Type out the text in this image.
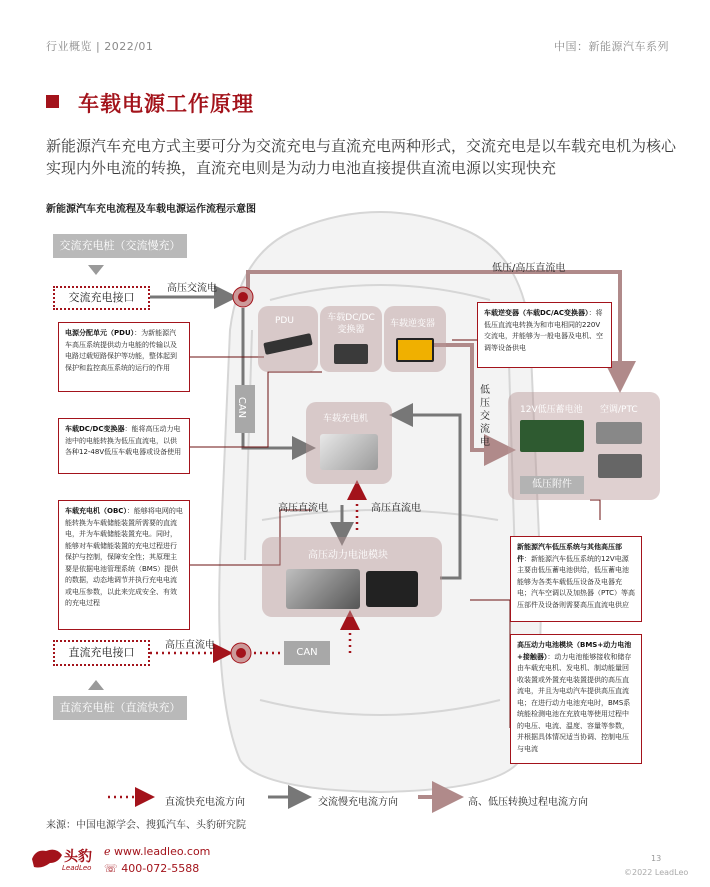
行业概览 | 2022/01	中国：新能源汽车系列
车载电源工作原理
新能源汽车充电方式主要可分为交流充电与直流充电两种形式，交流充电是以车载充电机为核心实现内外电流的转换，直流充电则是为动力电池直接提供直流电源以实现快充
新能源汽车充电流程及车载电源运作流程示意图
交流充电桩（交流慢充）
交流充电接口
高压交流电
直流充电桩（直流快充）
直流充电接口
高压直流电
低压/高压直流电
低
压
交
流
电
CAN
CAN
PDU	车载DC/DC
变换器
车载逆变器
车载充电机
高压直流电	高压直流电
高压动力电池模块
12V低压蓄电池 空调/PTC
低压附件
电源分配单元（PDU）：为新能源汽车高压系统提供动力电能的传输以及电路过载短路保护等功能，整体起到保护和监控高压系统的运行的作用
车载DC/DC变换器：能将高压动力电池中的电能转换为低压直流电，以供各种12-48V低压车载电器或设备使用
车载充电机（OBC）：能够将电网的电能转换为车载储能装置所需要的直流电，并为车载储能装置充电。同时，能够对车载储能装置的充电过程进行保护与控制，保障安全性；其原理主要是依据电池管理系统（BMS）提供的数据，动态地调节并执行充电电流或电压参数，以此来完成安全、有效的充电过程
车载逆变器（车载DC/AC变换器）：将低压直流电转换为和市电相同的220V交流电，并能够为一般电器及电机、空调等设备供电
新能源汽车低压系统与其他高压部件：新能源汽车低压系统的12V电源主要由低压蓄电池供给，低压蓄电池能够为各类车载低压设备及电器充电；汽车空调以及加热器（PTC）等高压部件及设备则需要高压直流电供应
高压动力电池模块（BMS+动力电池+接触器）：动力电池能够接收和储存由车载充电机、发电机、制动能量回收装置或外置充电装置提供的高压直流电，并且为电动汽车提供高压直流电；在进行动力电池充电时，BMS系统能检测电池在充放电等使用过程中的电压、电流、温度、容量等参数，并根据具体情况适当协调、控制电压与电流
直流快充电流方向	交流慢充电流方向	高、低压转换过程电流方向
来源：中国电源学会、搜狐汽车、头豹研究院
头豹
LeadLeo
ℯ www.leadleo.com
☏ 400-072-5588
13
©2022 LeadLeo
